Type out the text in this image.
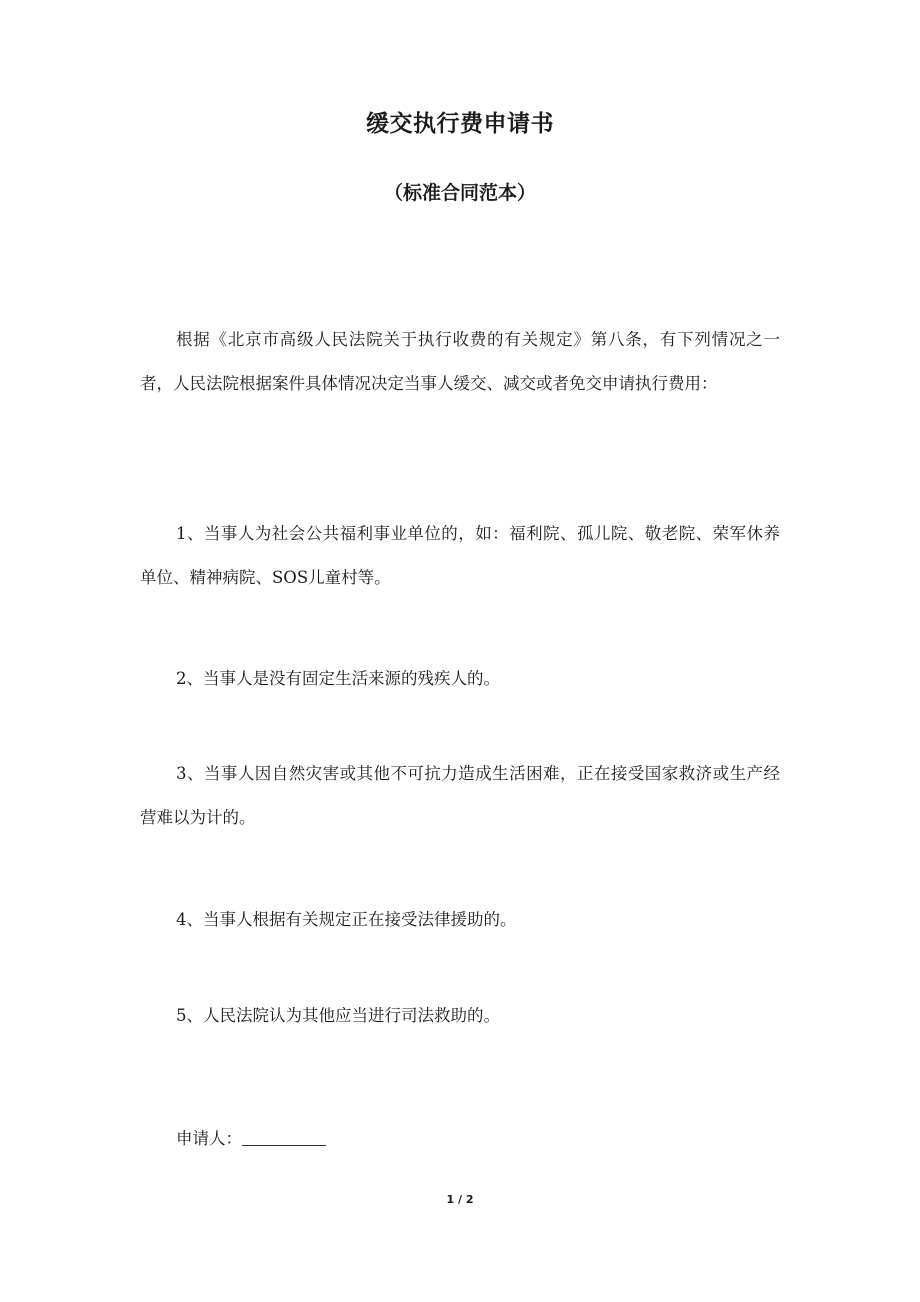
缓交执行费申请书
（标准合同范本）

根据《北京市高级人民法院关于执行收费的有关规定》第八条，有下列情况之一者，人民法院根据案件具体情况决定当事人缓交、减交或者免交申请执行费用：

1、当事人为社会公共福利事业单位的，如：福利院、孤儿院、敬老院、荣军休养单位、精神病院、SOS儿童村等。

2、当事人是没有固定生活来源的残疾人的。

3、当事人因自然灾害或其他不可抗力造成生活困难，正在接受国家救济或生产经营难以为计的。

4、当事人根据有关规定正在接受法律援助的。

5、人民法院认为其他应当进行司法救助的。

申请人：
1 / 2
